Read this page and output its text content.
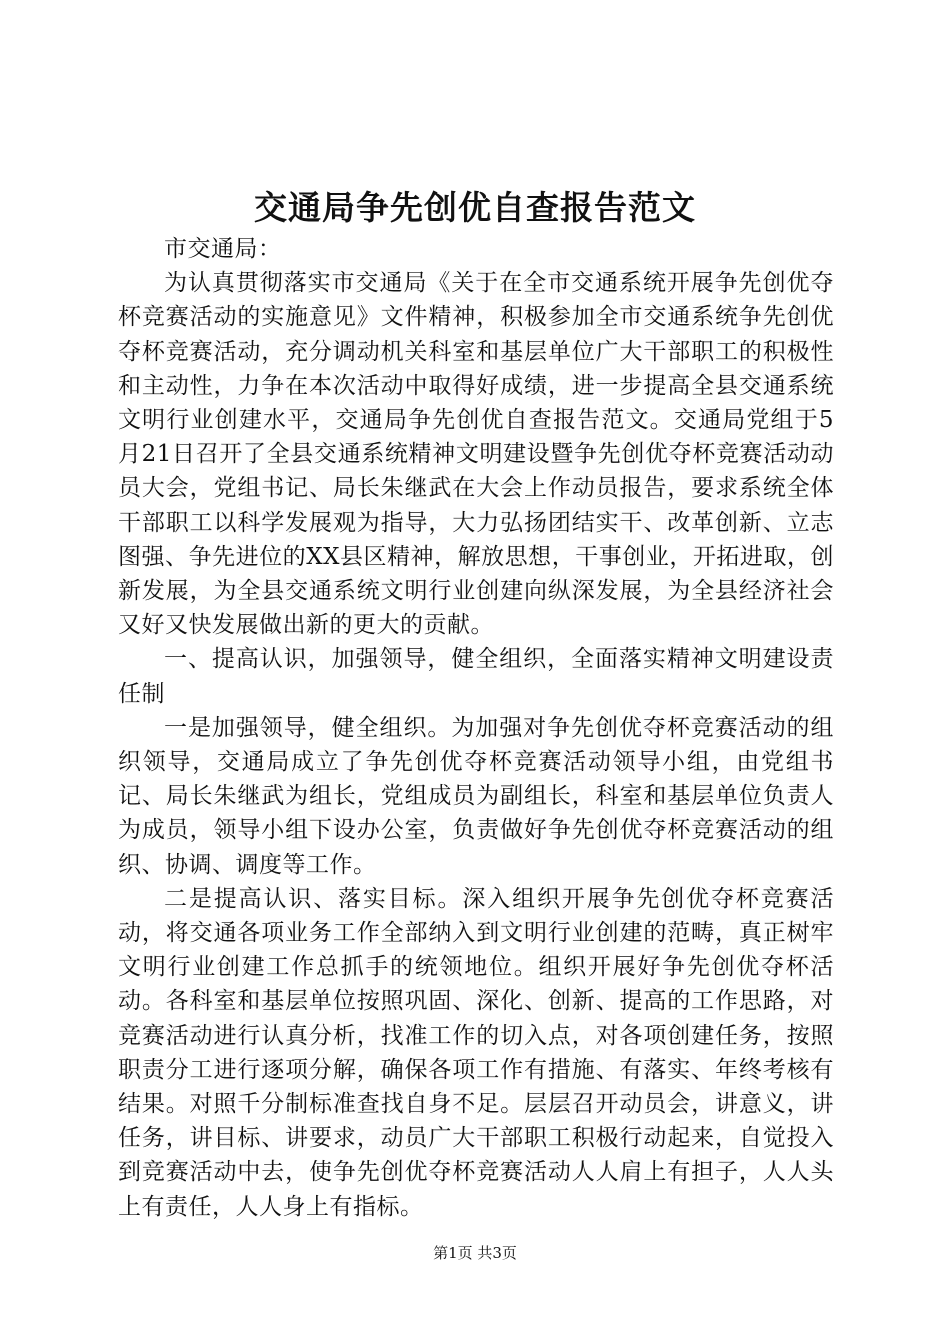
交通局争先创优自查报告范文

市交通局：

为认真贯彻落实市交通局《关于在全市交通系统开展争先创优夺杯竞赛活动的实施意见》文件精神，积极参加全市交通系统争先创优夺杯竞赛活动，充分调动机关科室和基层单位广大干部职工的积极性和主动性，力争在本次活动中取得好成绩，进一步提高全县交通系统文明行业创建水平，交通局争先创优自查报告范文。交通局党组于5月21日召开了全县交通系统精神文明建设暨争先创优夺杯竞赛活动动员大会，党组书记、局长朱继武在大会上作动员报告，要求系统全体干部职工以科学发展观为指导，大力弘扬团结实干、改革创新、立志图强、争先进位的XX县区精神，解放思想，干事创业，开拓进取，创新发展，为全县交通系统文明行业创建向纵深发展，为全县经济社会又好又快发展做出新的更大的贡献。

一、提高认识，加强领导，健全组织，全面落实精神文明建设责任制

一是加强领导，健全组织。为加强对争先创优夺杯竞赛活动的组织领导，交通局成立了争先创优夺杯竞赛活动领导小组，由党组书记、局长朱继武为组长，党组成员为副组长，科室和基层单位负责人为成员，领导小组下设办公室，负责做好争先创优夺杯竞赛活动的组织、协调、调度等工作。

二是提高认识、落实目标。深入组织开展争先创优夺杯竞赛活动，将交通各项业务工作全部纳入到文明行业创建的范畴，真正树牢文明行业创建工作总抓手的统领地位。组织开展好争先创优夺杯活动。各科室和基层单位按照巩固、深化、创新、提高的工作思路，对竞赛活动进行认真分析，找准工作的切入点，对各项创建任务，按照职责分工进行逐项分解，确保各项工作有措施、有落实、年终考核有结果。对照千分制标准查找自身不足。层层召开动员会，讲意义，讲任务，讲目标、讲要求，动员广大干部职工积极行动起来，自觉投入到竞赛活动中去，使争先创优夺杯竞赛活动人人肩上有担子，人人头上有责任，人人身上有指标。

第1页 共3页
